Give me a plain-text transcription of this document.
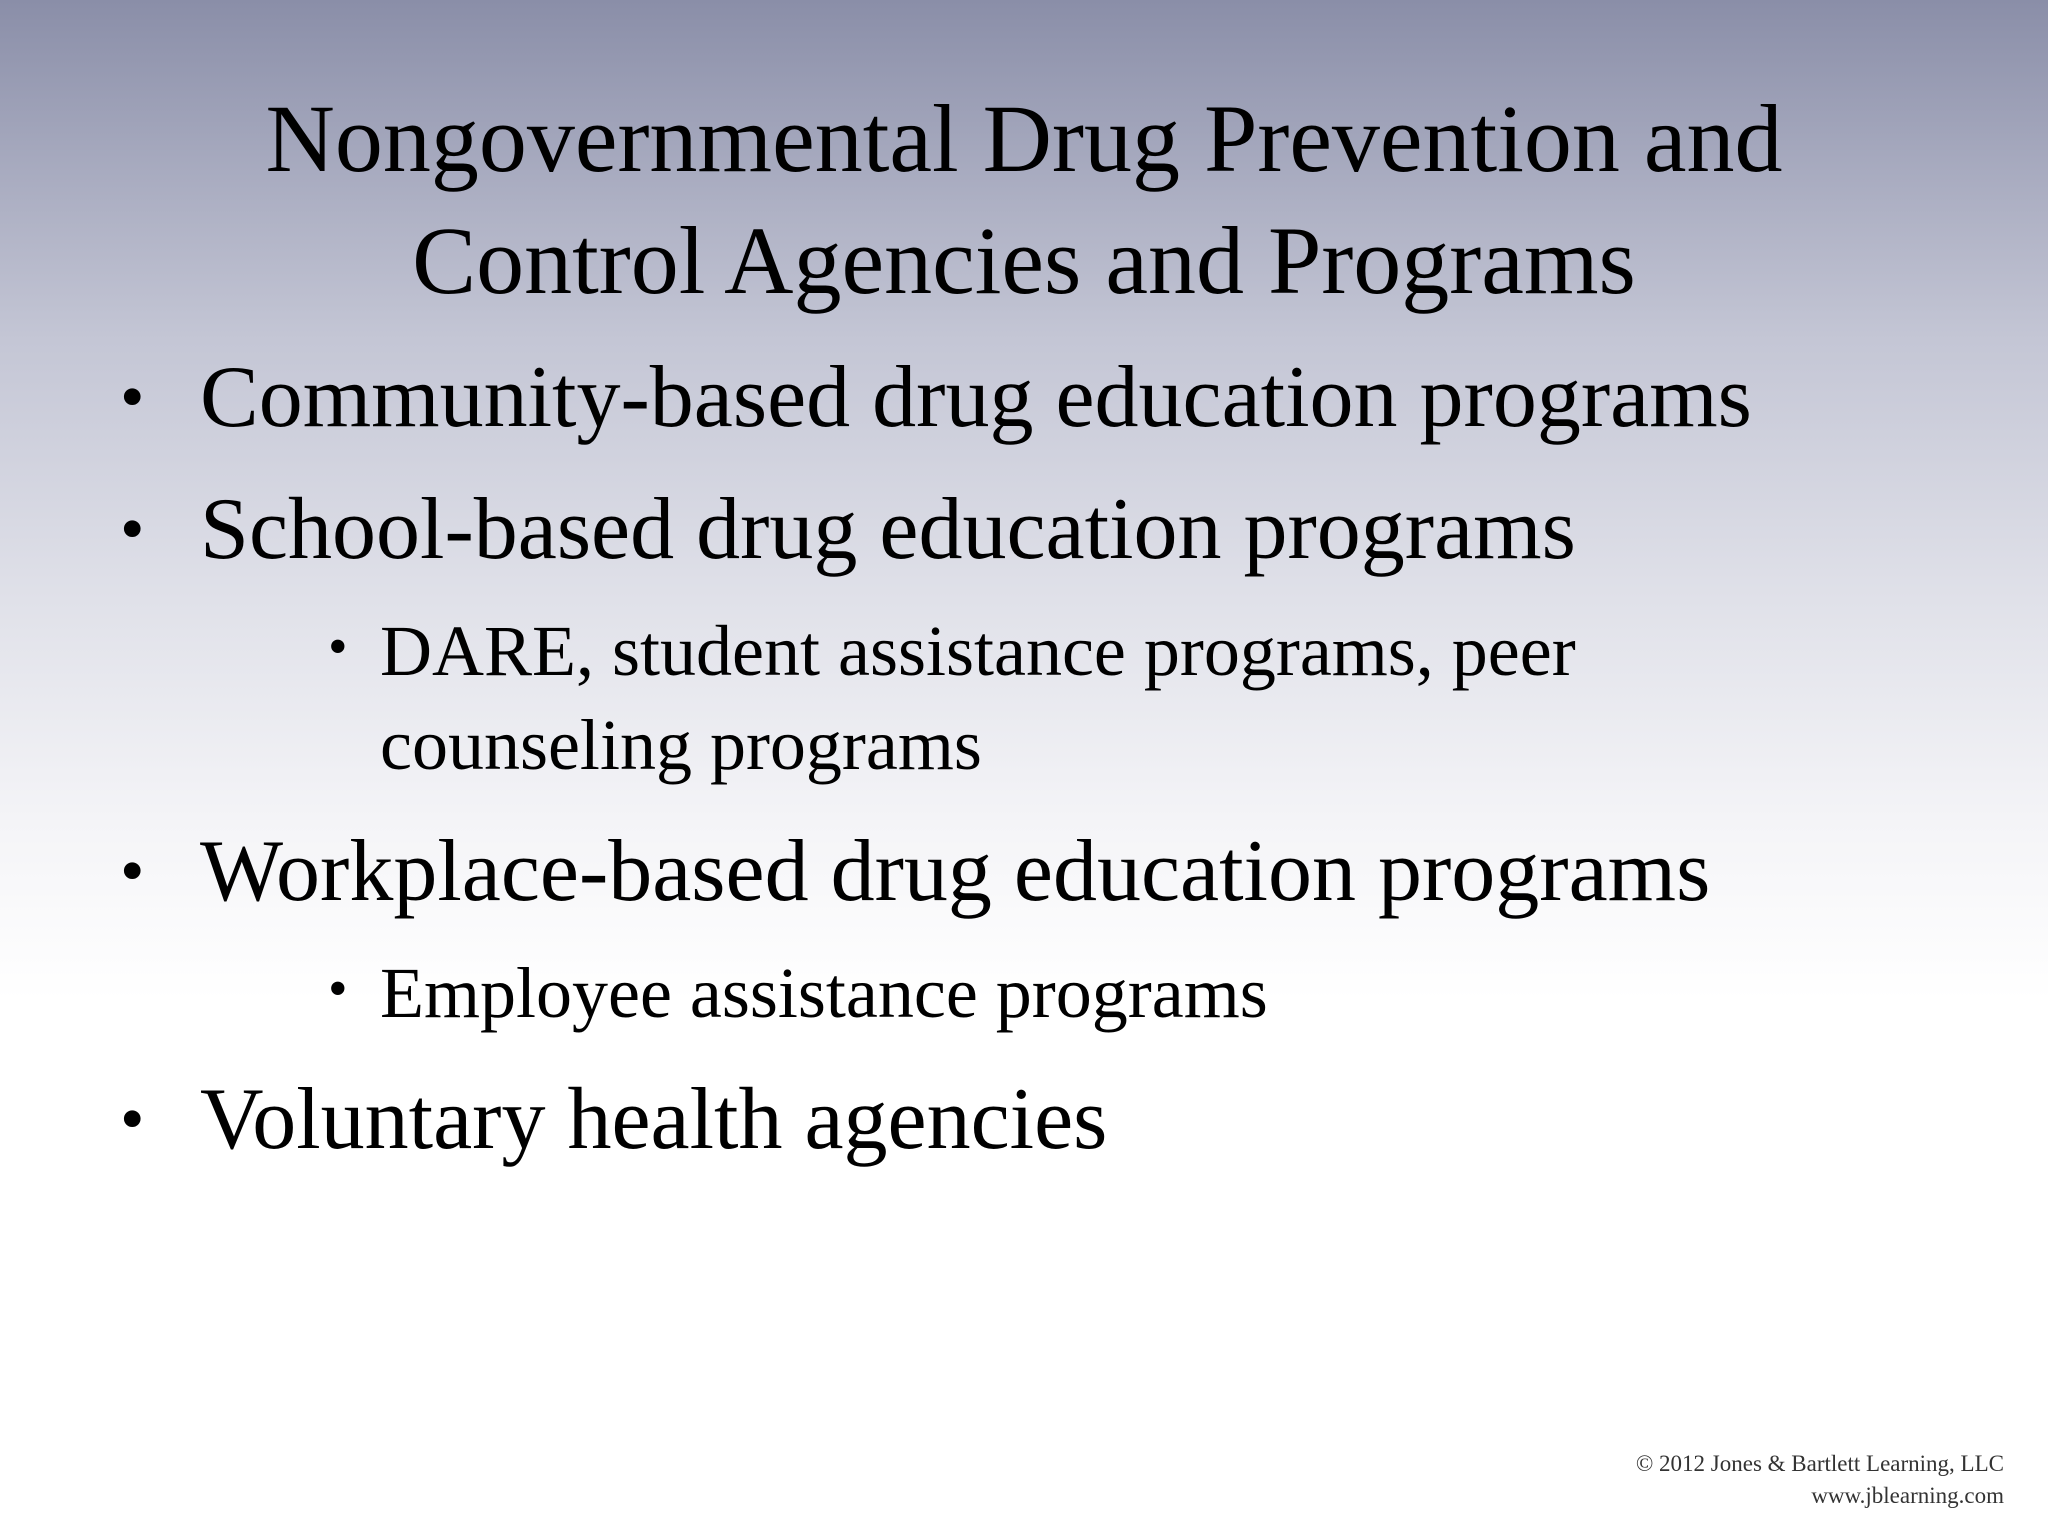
Nongovernmental Drug Prevention and
Control Agencies and Programs
• Community-based drug education programs
• School-based drug education programs
• DARE, student assistance programs, peer
counseling programs
• Workplace-based drug education programs
• Employee assistance programs
• Voluntary health agencies
© 2012 Jones & Bartlett Learning, LLC
www.jblearning.com
